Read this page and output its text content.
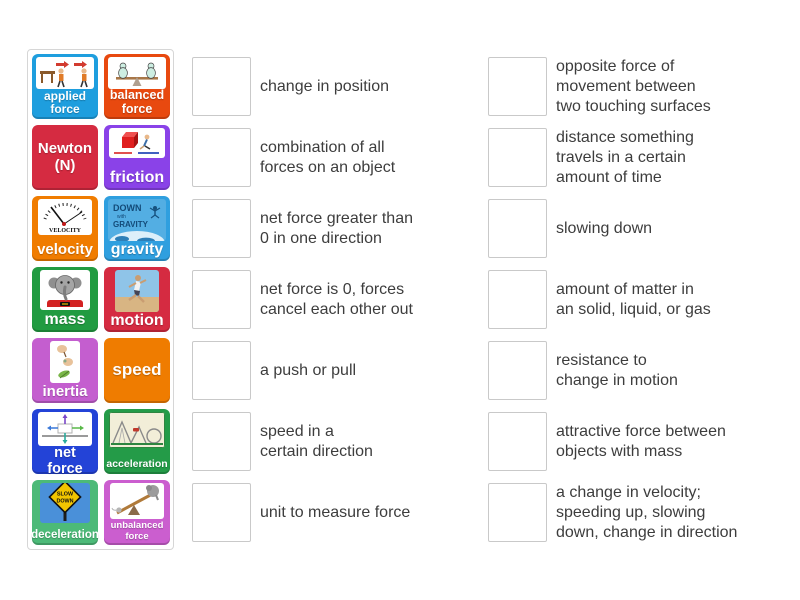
applied force
balanced force
Newton (N)
friction
VELOCITY
velocity
DOWN
with
GRAVITY
gravity
mass	motion
inertia
speed
net force	acceleration
SLOW
DOWN
deceleration
unbalanced force
change in position
combination of all
forces on an object
net force greater than
0 in one direction
net force is 0, forces
cancel each other out
a push or pull
speed in a
certain direction
unit to measure force
opposite force of
movement between
two touching surfaces
distance something
travels in a certain
amount of time
slowing down
amount of matter in
an solid, liquid, or gas
resistance to
change in motion
attractive force between
objects with mass
a change in velocity;
speeding up, slowing
down, change in direction
